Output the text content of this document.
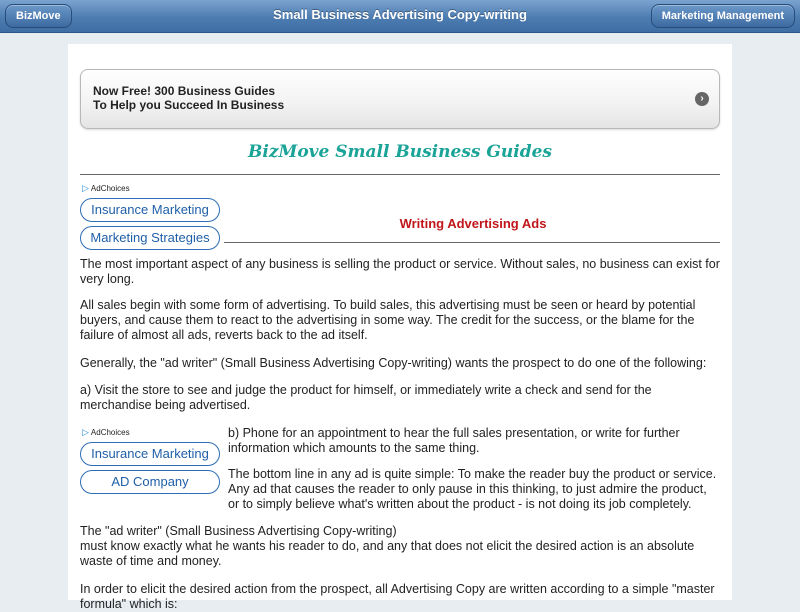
BizMove	Small Business Advertising Copy-writing	Marketing Management
Now Free! 300 Business Guides
To Help you Succeed In Business	›
BizMove Small Business Guides
▷ AdChoices
Insurance Marketing
Marketing Strategies
Writing Advertising Ads
The most important aspect of any business is selling the product or service. Without sales, no business can exist for
very long.
All sales begin with some form of advertising. To build sales, this advertising must be seen or heard by potential
buyers, and cause them to react to the advertising in some way. The credit for the success, or the blame for the
failure of almost all ads, reverts back to the ad itself.
Generally, the "ad writer" (Small Business Advertising Copy-writing) wants the prospect to do one of the following:
a) Visit the store to see and judge the product for himself, or immediately write a check and send for the
merchandise being advertised.
▷ AdChoices
Insurance Marketing
AD Company
b) Phone for an appointment to hear the full sales presentation, or write for further
information which amounts to the same thing.
The bottom line in any ad is quite simple: To make the reader buy the product or service.
Any ad that causes the reader to only pause in this thinking, to just admire the product,
or to simply believe what's written about the product - is not doing its job completely.
The "ad writer" (Small Business Advertising Copy-writing)
must know exactly what he wants his reader to do, and any that does not elicit the desired action is an absolute
waste of time and money.
In order to elicit the desired action from the prospect, all Advertising Copy are written according to a simple "master
formula" which is:
